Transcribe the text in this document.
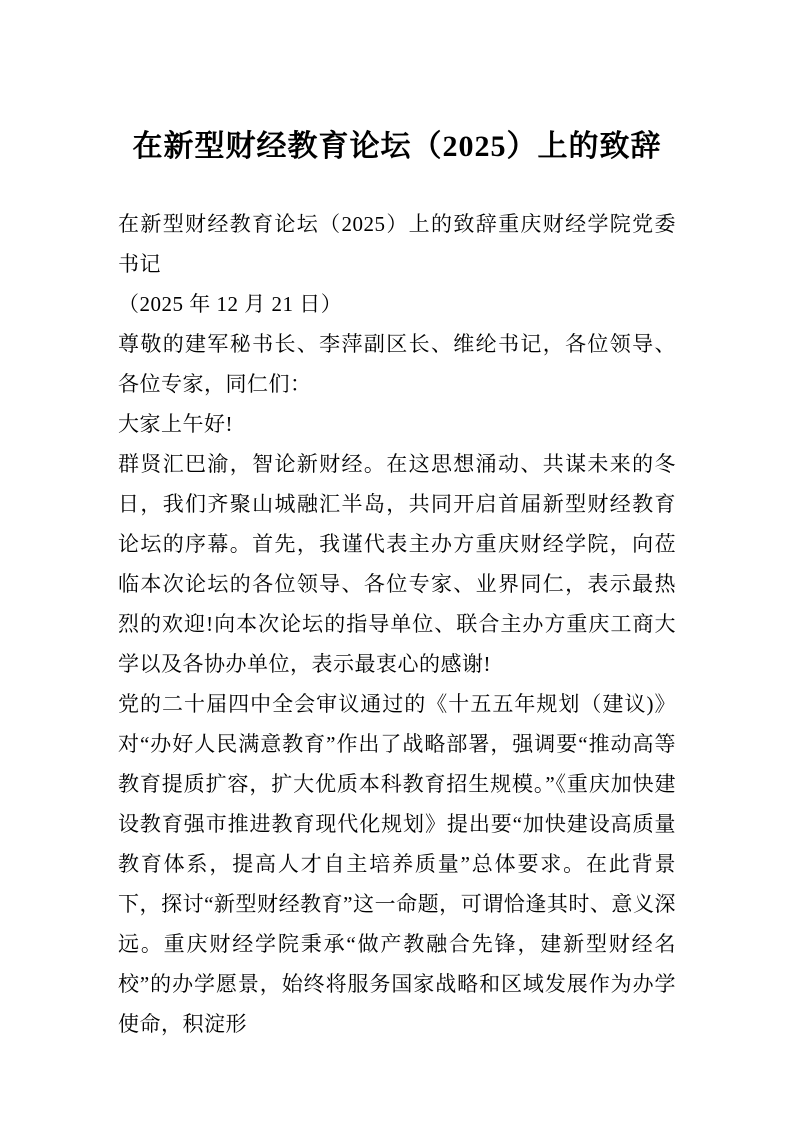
在新型财经教育论坛（2025）上的致辞

在新型财经教育论坛（2025）上的致辞重庆财经学院党委书记

（2025 年 12 月 21 日）

尊敬的建军秘书长、李萍副区长、维纶书记，各位领导、各位专家，同仁们：

大家上午好!

群贤汇巴渝，智论新财经。在这思想涌动、共谋未来的冬日，我们齐聚山城融汇半岛，共同开启首届新型财经教育论坛的序幕。首先，我谨代表主办方重庆财经学院，向莅临本次论坛的各位领导、各位专家、业界同仁，表示最热烈的欢迎!向本次论坛的指导单位、联合主办方重庆工商大学以及各协办单位，表示最衷心的感谢!

党的二十届四中全会审议通过的《十五五年规划（建议)》对“办好人民满意教育”作出了战略部署，强调要“推动高等教育提质扩容，扩大优质本科教育招生规模。”《重庆加快建设教育强市推进教育现代化规划》提出要“加快建设高质量教育体系，提高人才自主培养质量”总体要求。在此背景下，探讨“新型财经教育”这一命题，可谓恰逢其时、意义深远。重庆财经学院秉承“做产教融合先锋，建新型财经名校”的办学愿景，始终将服务国家战略和区域发展作为办学使命，积淀形
